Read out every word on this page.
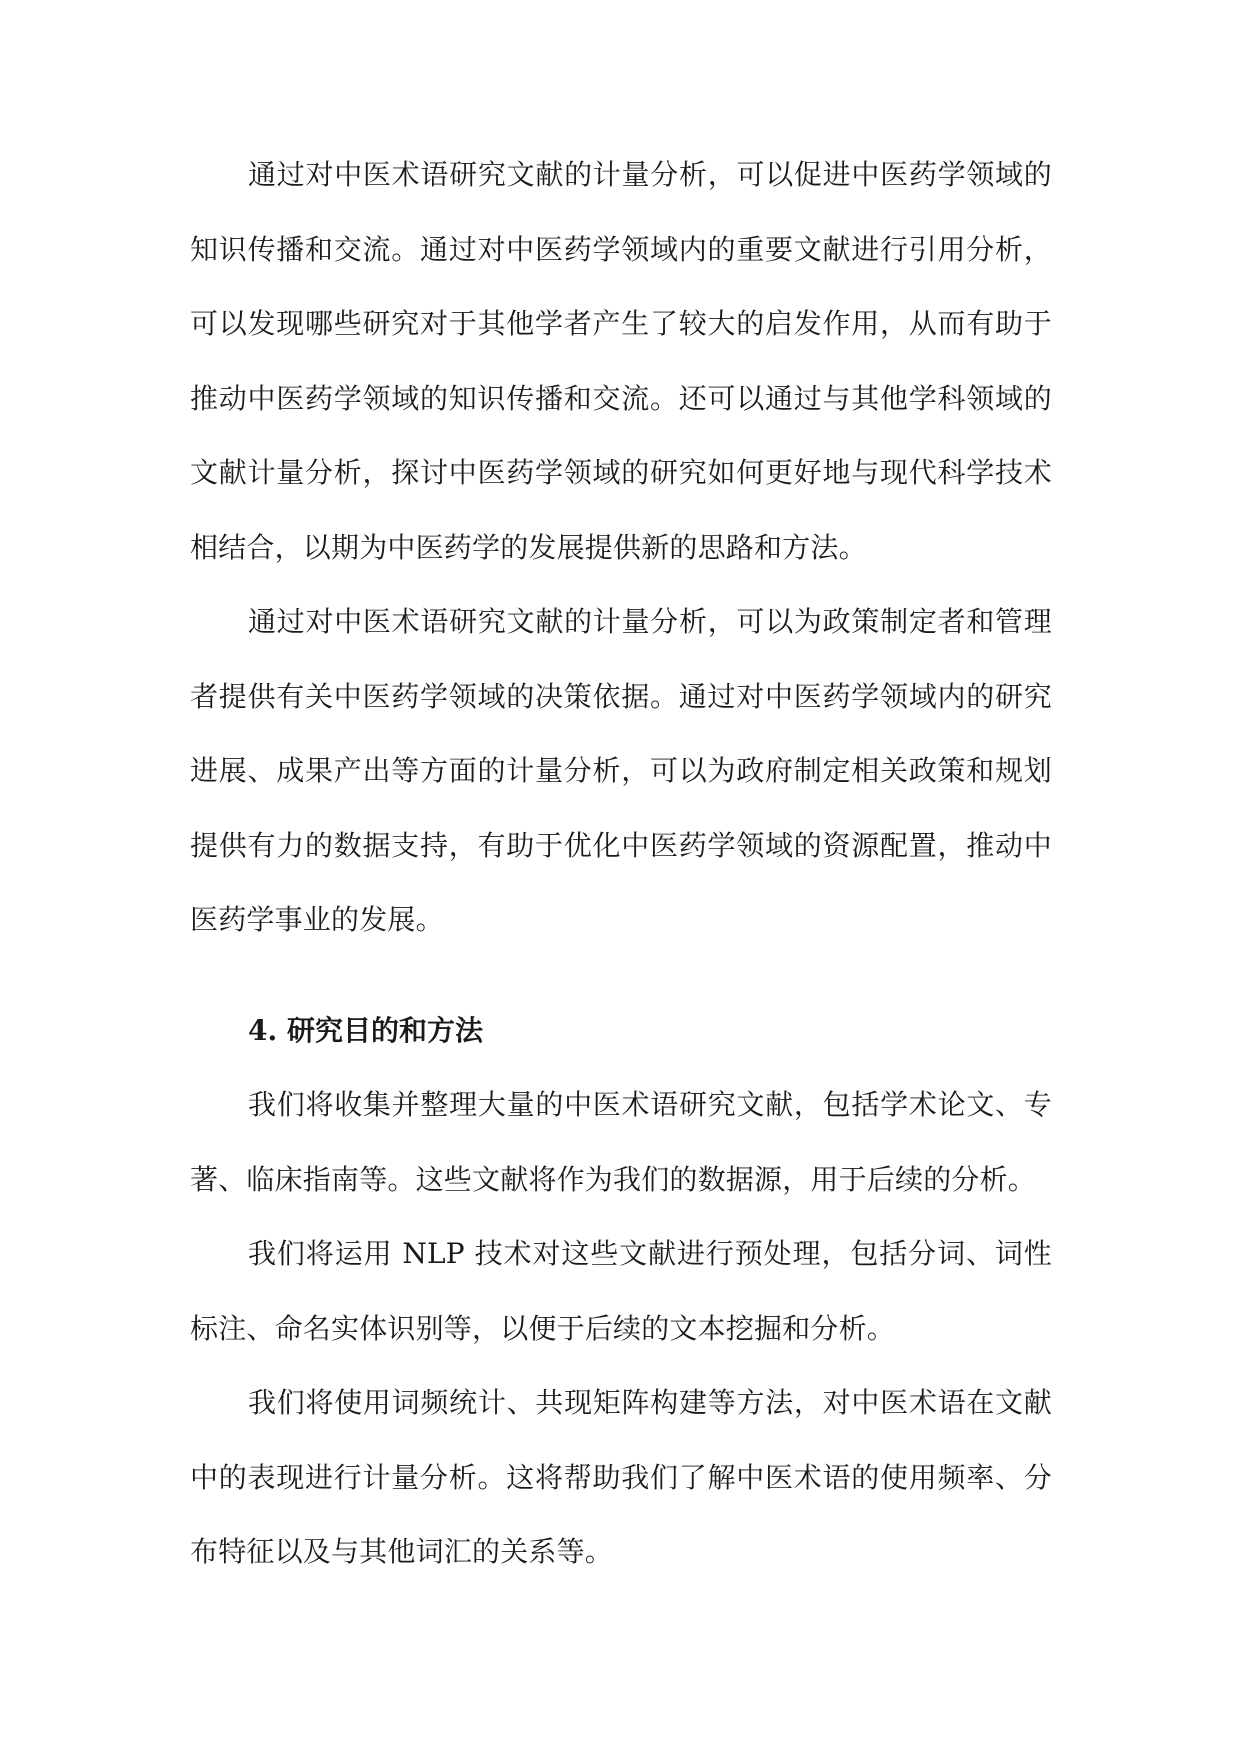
通过对中医术语研究文献的计量分析，可以促进中医药学领域的知识传播和交流。通过对中医药学领域内的重要文献进行引用分析，可以发现哪些研究对于其他学者产生了较大的启发作用，从而有助于推动中医药学领域的知识传播和交流。还可以通过与其他学科领域的文献计量分析，探讨中医药学领域的研究如何更好地与现代科学技术相结合，以期为中医药学的发展提供新的思路和方法。

通过对中医术语研究文献的计量分析，可以为政策制定者和管理者提供有关中医药学领域的决策依据。通过对中医药学领域内的研究进展、成果产出等方面的计量分析，可以为政府制定相关政策和规划提供有力的数据支持，有助于优化中医药学领域的资源配置，推动中医药学事业的发展。

4. 研究目的和方法

我们将收集并整理大量的中医术语研究文献，包括学术论文、专著、临床指南等。这些文献将作为我们的数据源，用于后续的分析。

我们将运用 NLP 技术对这些文献进行预处理，包括分词、词性标注、命名实体识别等，以便于后续的文本挖掘和分析。

我们将使用词频统计、共现矩阵构建等方法，对中医术语在文献中的表现进行计量分析。这将帮助我们了解中医术语的使用频率、分布特征以及与其他词汇的关系等。
